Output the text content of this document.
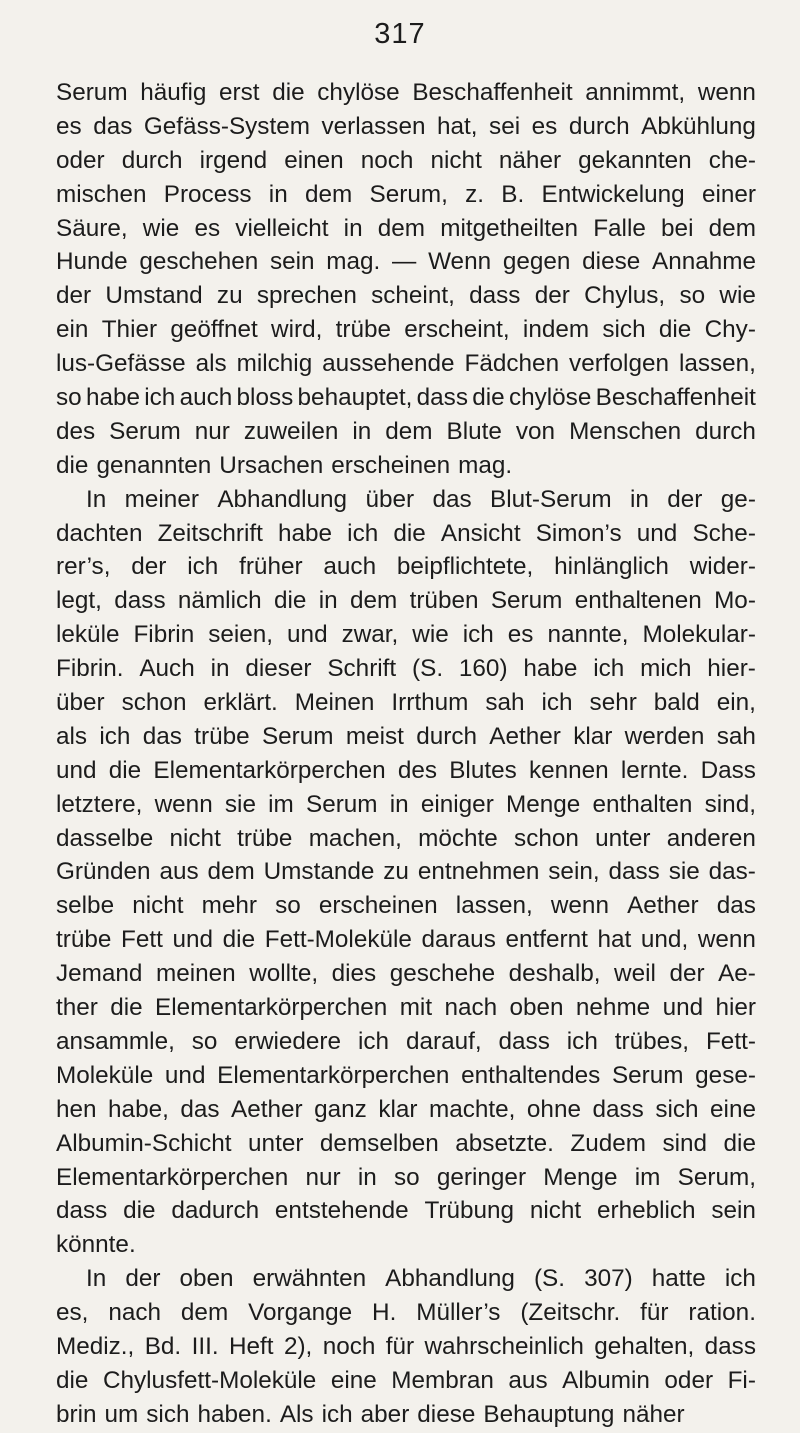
317
Serum häufig erst die chylöse Beschaffenheit annimmt, wenn
es das Gefäss-System verlassen hat, sei es durch Abkühlung
oder durch irgend einen noch nicht näher gekannten che-
mischen Process in dem Serum, z. B. Entwickelung einer
Säure, wie es vielleicht in dem mitgetheilten Falle bei dem
Hunde geschehen sein mag. — Wenn gegen diese Annahme
der Umstand zu sprechen scheint, dass der Chylus, so wie
ein Thier geöffnet wird, trübe erscheint, indem sich die Chy-
lus-Gefässe als milchig aussehende Fädchen verfolgen lassen,
so habe ich auch bloss behauptet, dass die chylöse Beschaffenheit
des Serum nur zuweilen in dem Blute von Menschen durch
die genannten Ursachen erscheinen mag.
In meiner Abhandlung über das Blut-Serum in der ge-
dachten Zeitschrift habe ich die Ansicht Simon’s und Sche-
rer’s, der ich früher auch beipflichtete, hinlänglich wider-
legt, dass nämlich die in dem trüben Serum enthaltenen Mo-
leküle Fibrin seien, und zwar, wie ich es nannte, Molekular-
Fibrin. Auch in dieser Schrift (S. 160) habe ich mich hier-
über schon erklärt. Meinen Irrthum sah ich sehr bald ein,
als ich das trübe Serum meist durch Aether klar werden sah
und die Elementarkörperchen des Blutes kennen lernte. Dass
letztere, wenn sie im Serum in einiger Menge enthalten sind,
dasselbe nicht trübe machen, möchte schon unter anderen
Gründen aus dem Umstande zu entnehmen sein, dass sie das-
selbe nicht mehr so erscheinen lassen, wenn Aether das
trübe Fett und die Fett-Moleküle daraus entfernt hat und, wenn
Jemand meinen wollte, dies geschehe deshalb, weil der Ae-
ther die Elementarkörperchen mit nach oben nehme und hier
ansammle, so erwiedere ich darauf, dass ich trübes, Fett-
Moleküle und Elementarkörperchen enthaltendes Serum gese-
hen habe, das Aether ganz klar machte, ohne dass sich eine
Albumin-Schicht unter demselben absetzte. Zudem sind die
Elementarkörperchen nur in so geringer Menge im Serum,
dass die dadurch entstehende Trübung nicht erheblich sein
könnte.
In der oben erwähnten Abhandlung (S. 307) hatte ich
es, nach dem Vorgange H. Müller’s (Zeitschr. für ration.
Mediz., Bd. III. Heft 2), noch für wahrscheinlich gehalten, dass
die Chylusfett-Moleküle eine Membran aus Albumin oder Fi-
brin um sich haben. Als ich aber diese Behauptung näher
